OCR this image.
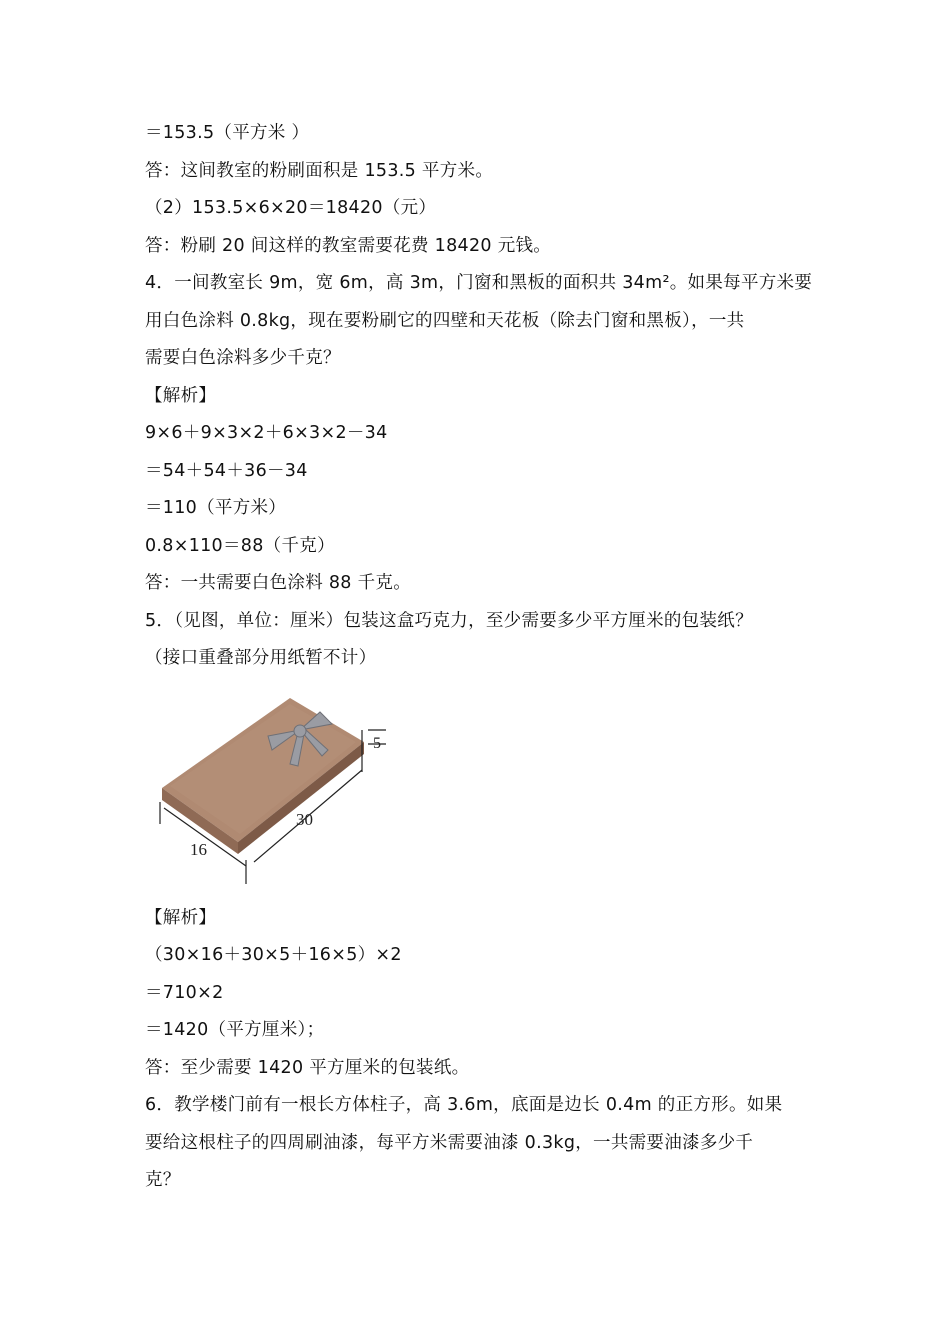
＝153.5（平方米 ）
答：这间教室的粉刷面积是 153.5 平方米。
（2）153.5×6×20＝18420（元）
答：粉刷 20 间这样的教室需要花费 18420 元钱。
4．一间教室长 9m，宽 6m，高 3m，门窗和黑板的面积共 34m²。如果每平方米要
用白色涂料 0.8kg，现在要粉刷它的四壁和天花板（除去门窗和黑板），一共
需要白色涂料多少千克？
【解析】
9×6＋9×3×2＋6×3×2－34
＝54＋54＋36－34
＝110（平方米）
0.8×110＝88（千克）
答：一共需要白色涂料 88 千克。
5．（见图，单位：厘米）包装这盒巧克力，至少需要多少平方厘米的包装纸？
（接口重叠部分用纸暂不计）
16
30
5
【解析】
（30×16＋30×5＋16×5）×2
＝710×2
＝1420（平方厘米）；
答：至少需要 1420 平方厘米的包装纸。
6．教学楼门前有一根长方体柱子，高 3.6m，底面是边长 0.4m 的正方形。如果
要给这根柱子的四周刷油漆，每平方米需要油漆 0.3kg，一共需要油漆多少千
克？
